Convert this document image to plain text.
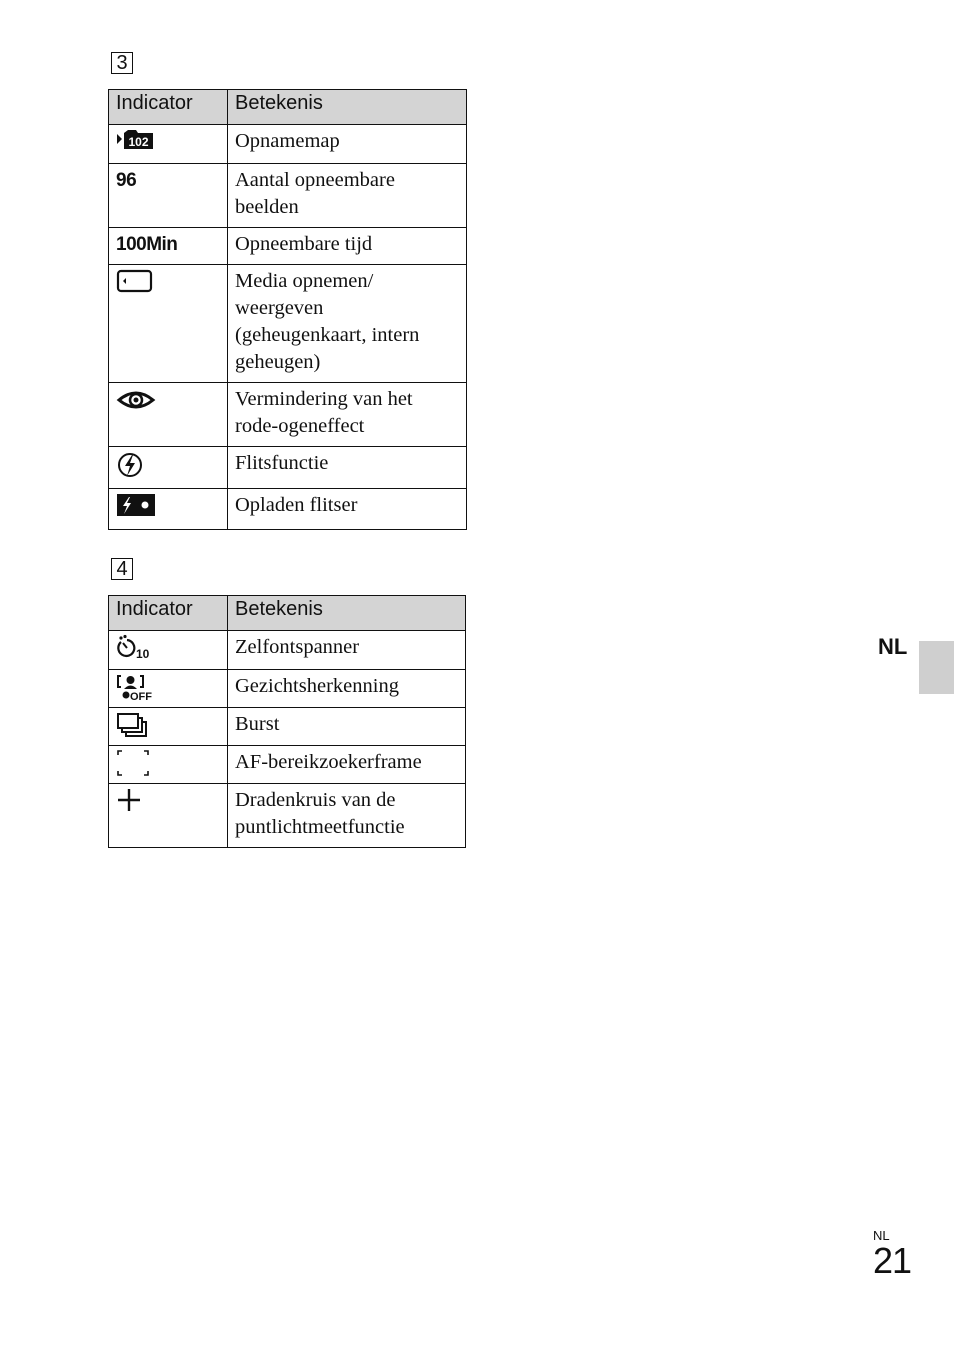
3
Indicator	Betekenis

102	Opnamemap
96	Aantal opneembare beelden
100Min	Opneembare tijd

	Media opnemen/ weergeven (geheugenkaart, intern geheugen)

	Vermindering van het rode-ogeneffect

	Flitsfunctie

	Opladen flitser
4
Indicator	Betekenis

10	Zelfontspanner

OFF	Gezichtsherkenning

	Burst

	AF-bereikzoekerframe

	Dradenkruis van de puntlichtmeetfunctie
NL
NL
21
